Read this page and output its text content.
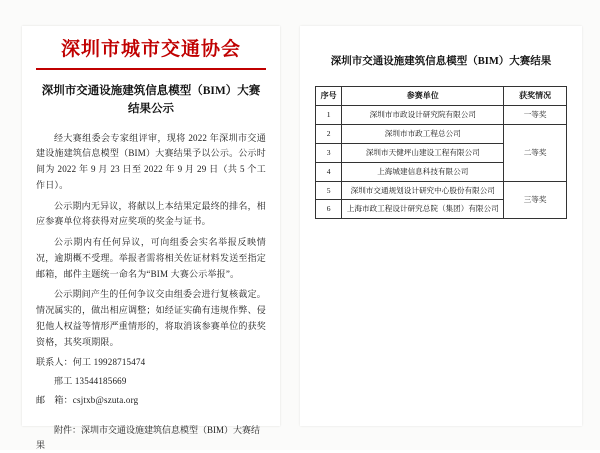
深圳市城市交通协会
深圳市交通设施建筑信息模型（BIM）大赛
结果公示

经大赛组委会专家组评审，现将 2022 年深圳市交通建设施建筑信息模型（BIM）大赛结果予以公示。公示时间为 2022 年 9 月 23 日至 2022 年 9 月 29 日（共 5 个工作日）。

公示期内无异议，将献以上本结果定最终的排名，相应参赛单位将获得对应奖项的奖金与证书。

公示期内有任何异议，可向组委会实名举报反映情况，逾期概不受理。举报者需将相关佐证材料发送至指定邮箱，邮件主题统一命名为“BIM 大赛公示举报”。

公示期间产生的任何争议交由组委会进行复核裁定。情况属实的，做出相应调整；如经证实确有违规作弊、侵犯他人权益等情形严重情形的，将取消该参赛单位的获奖资格，其奖项期限。

联系人：何工 19928715474

邢工 13544185669

邮　箱：csjtxb@szuta.org

附件：深圳市交通设施建筑信息模型（BIM）大赛结果
深圳市交通设施建筑信息模型（BIM）大赛结果
序号	参赛单位	获奖情况
1	深圳市市政设计研究院有限公司	一等奖
2	深圳市市政工程总公司	二等奖
3	深圳市天健坪山建设工程有限公司	
4	上海城建信息科技有限公司	
5	深圳市交通规划设计研究中心股份有限公司	三等奖
6	上海市政工程设计研究总院（集团）有限公司	
